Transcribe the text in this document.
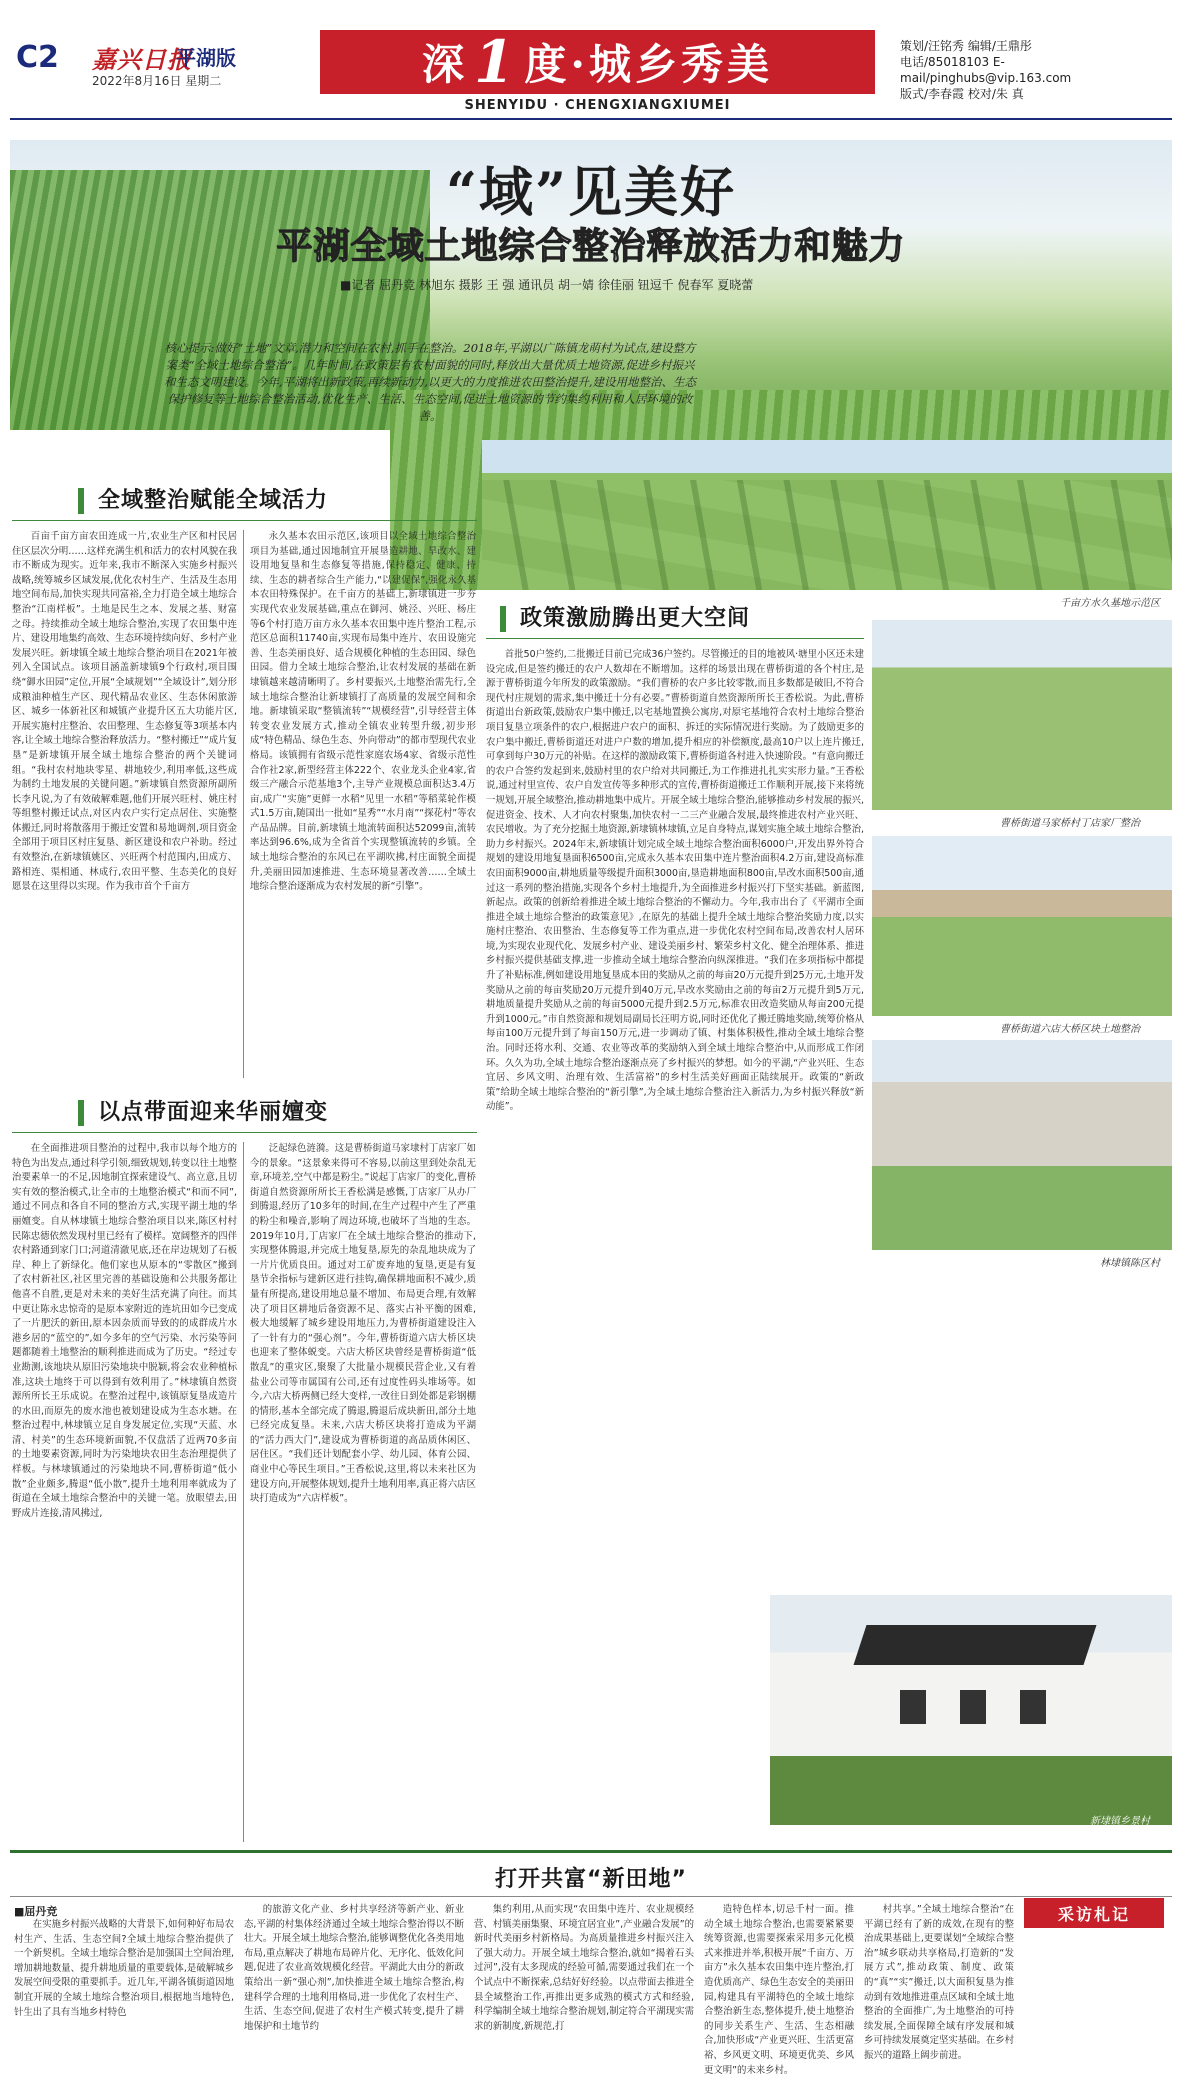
C2 嘉兴日报
平湖版
2022年8月16日 星期二	深 1 度·城乡秀美
SHENYIDU · CHENGXIANGXIUMEI
策划/汪铭秀 编辑/王鼎彤
电话/85018103 E-mail/pinghubs@vip.163.com
版式/李春霞 校对/朱 真
“域”见美好
平湖全域土地综合整治释放活力和魅力
■记者 屈丹竞 林旭东 摄影 王 强 通讯员 胡一婧 徐佳丽 钮逗千 倪春军 夏晓蕾
核心提示:做好“土地”文章,潜力和空间在农村,抓手在整治。2018年,平湖以广陈镇龙萌村为试点,建设整方案类“全域土地综合整治”。几年时间,在政策层有农村面貌的同时,释放出大量优质土地资源,促进乡村振兴和生态文明建设。今年,平湖将出新政策,再续新动力,以更大的力度推进农田整治提升,建设用地整治、生态保护修复等土地综合整治活动,优化生产、生活、生态空间,促进土地资源的节约集约利用和人居环境的改善。
千亩方水久基地示范区
曹桥街道马家桥村丁店家厂整治
曹桥街道六店大桥区块土地整治
林埭镇陈区村
新埭镇乡景村
全域整治赋能全域活力

百亩千亩方亩农田连成一片,农业生产区和村民居住区层次分明……这样充满生机和活力的农村风貌在我市不断成为现实。近年来,我市不断深入实施乡村振兴战略,统筹城乡区域发展,优化农村生产、生活及生态用地空间布局,加快实现共同富裕,全力打造全域土地综合整治“江南样板”。土地是民生之本、发展之基、财富之母。持续推动全域土地综合整治,实现了农田集中连片、建设用地集约高效、生态环境持续向好、乡村产业发展兴旺。新埭镇全域土地综合整治项目在2021年被列入全国试点。该项目涵盖新埭镇9个行政村,项目围绕“御水田园”定位,开展“全域规划”“全域设计”,划分形成粮油种植生产区、现代精品农业区、生态休闲旅游区、城乡一体新社区和城镇产业提升区五大功能片区,开展实施村庄整治、农田整理、生态修复等3项基本内容,让全域土地综合整治释放活力。“整村搬迁”“成片复垦”是新埭镇开展全域土地综合整治的两个关键词组。“我村农村地块零星、耕地较少,利用率低,这些成为制约土地发展的关键问题。”新埭镇自然资源所副所长李凡说,为了有效破解难题,他们开展兴旺村、姚庄村等组整村搬迁试点,对区内农户实行定点居住、实施整体搬迁,同时将散落用于搬迁安置和易地调剂,项目资金全部用于项目区村庄复垦、新区建设和农户补助。经过有效整治,在新埭镇姚区、兴旺两个村范围内,田成方、路相连、渠相通、林成行,农田平整、生态美化的良好愿景在这里得以实现。作为我市首个千亩方

永久基本农田示范区,该项目以全域土地综合整治项目为基础,通过因地制宜开展垦造耕地、旱改水、建设用地复垦和生态修复等措施,保持稳定、健康、持续、生态的耕者综合生产能力,“以建促保”,强化永久基本农田特殊保护。在千亩方的基础上,新埭镇进一步夯实现代农业发展基础,重点在御河、姚泾、兴旺、杨庄等6个村打造万亩方永久基本农田集中连片整治工程,示范区总面积11740亩,实现布局集中连片、农田设施完善、生态美丽良好、适合规模化种植的生态田园、绿色田园。借力全域土地综合整治,让农村发展的基础在新埭镇越来越清晰明了。乡村要振兴,土地整治需先行,全域土地综合整治让新埭镇打了高质量的发展空间和余地。新埭镇采取“整镇流转”“规模经营”,引导经营主体转变农业发展方式,推动全镇农业转型升级,初步形成“特色精品、绿色生态、外向带动”的都市型现代农业格局。该镇拥有省级示范性家庭农场4家、省级示范性合作社2家,新型经营主体222个、农业龙头企业4家,省级三产融合示范基地3个,主导产业规模总面积达3.4万亩,成广“实施”更鲜一水稻“见里一水稻”等稻菜轮作模式1.5万亩,随国出一批如“星秀”“水月南”“探花村”等农产品品牌。目前,新埭镇土地流转面积达52099亩,流转率达到96.6%,成为全省首个实现整镇流转的乡镇。全域土地综合整治的东风已在平湖吹拂,村庄面貌全面提升,美丽田园加速推进、生态环境显著改善……全域土地综合整治逐渐成为农村发展的新“引擎”。

政策激励腾出更大空间

首批50户签约,二批搬迁目前已完成36户签约。尽管搬迁的目的地被风·塘里小区还未建设完成,但是签约搬迁的农户人数却在不断增加。这样的场景出现在曹桥街道的各个村庄,是源于曹桥街道今年所发的政策激励。“我们曹桥的农户多比较零散,而且多数都是破旧,不符合现代村庄规划的需求,集中搬迁十分有必要。”曹桥街道自然资源所所长王香松说。为此,曹桥街道出台新政策,鼓励农户集中搬迁,以宅基地置换公寓房,对原宅基地符合农村土地综合整治项目复垦立项条件的农户,根据进户农户的面积、拆迁的实际情况进行奖励。为了鼓励更多的农户集中搬迁,曹桥街道还对进户户数的增加,提升相应的补偿额度,最高10户以上连片搬迁,可拿到每户30万元的补贴。在这样的激励政策下,曹桥街道各村进入快速阶段。“有意向搬迁的农户合签约发起到来,鼓励村里的农户给对共同搬迁,为工作推进扎扎实实形力量。”王香松说,通过村里宣传、农户自发宣传等多种形式的宣传,曹桥街道搬迁工作顺利开展,接下来将统一规划,开展全域整治,推动耕地集中成片。开展全域土地综合整治,能够推动乡村发展的振兴,促进资金、技术、人才向农村聚集,加快农村一二三产业融合发展,最终推进农村产业兴旺、农民增收。为了充分挖掘土地资源,新埭镇林埭镇,立足自身特点,谋划实施全域土地综合整治,助力乡村振兴。2024年末,新埭镇计划完成全域土地综合整治面积6000户,开发出界外符合规划的建设用地复垦面积6500亩,完成永久基本农田集中连片整治面积4.2万亩,建设高标准农田面积9000亩,耕地质量等级提升面积3000亩,垦造耕地面积800亩,旱改水面积500亩,通过这一系列的整治措施,实现各个乡村土地提升,为全面推进乡村振兴打下坚实基础。新蓝图,新起点。政策的创新给着推进全域土地综合整治的不懈动力。今年,我市出台了《平湖市全面推进全域土地综合整治的政策意见》,在原先的基础上提升全域土地综合整治奖励力度,以实施村庄整治、农田整治、生态修复等工作为重点,进一步优化农村空间布局,改善农村人居环境,为实现农业现代化、发展乡村产业、建设美丽乡村、繁荣乡村文化、健全治理体系、推进乡村振兴提供基础支撑,进一步推动全域土地综合整治向纵深推进。“我们在多项指标中都提升了补贴标准,例如建设用地复垦成本田的奖励从之前的每亩20万元提升到25万元,土地开发奖励从之前的每亩奖励20万元提升到40万元,旱改水奖励由之前的每亩2万元提升到5万元,耕地质量提升奖励从之前的每亩5000元提升到2.5万元,标准农田改造奖励从每亩200元提升到1000元。”市自然资源和规划局副局长汪明方说,同时还优化了搬迁腾地奖励,统筹价格从每亩100万元提升到了每亩150万元,进一步调动了镇、村集体积极性,推动全域土地综合整治。同时还将水利、交通、农业等改革的奖励纳入到全域土地综合整治中,从而形成工作闭环。久久为功,全域土地综合整治逐渐点亮了乡村振兴的梦想。如今的平湖,“产业兴旺、生态宜居、乡风文明、治理有效、生活富裕”的乡村生活美好画面正陆续展开。政策的“新政策”给助全域土地综合整治的“新引擎”,为全域土地综合整治注入新活力,为乡村振兴释放“新动能”。

以点带面迎来华丽嬗变

在全面推进项目整治的过程中,我市以每个地方的特色为出发点,通过科学引领,细致规划,转变以往土地整治要素单一的不足,因地制宜探索建设气、高立意,且切实有效的整治模式,让全市的土地整治模式“和而不同”,通过不同点和各自不同的整治方式,实现平湖土地的华丽嬗变。自从林埭镇土地综合整治项目以来,陈区村村民陈忠德依然发现村里已经有了模样。宽阔整齐的四伴农村路通到家门口;河道清澈见底,还在岸边规划了石板岸、种上了新绿化。他们家也从原本的“零散区”搬到了农村新社区,社区里完善的基础设施和公共服务都让他喜不自胜,更是对未来的美好生活充满了向往。而其中更让陈永忠惊奇的是原本家附近的连坑田如今已变成了一片肥沃的新田,原本因杂质而导致的的成群成片水港乡居的“蓝空的”,如今多年的空气污染、水污染等问题都随着土地整治的顺利推进而成为了历史。“经过专业勘测,该地块从原旧污染地块中脱颖,将会农业种植标准,这块土地终于可以得到有效利用了。”林埭镇自然资源所所长王乐成说。在整治过程中,该镇原复垦成造片的水田,而原先的废水池也被划建设成为生态水塘。在整治过程中,林埭镇立足自身发展定位,实现“天蓝、水清、村美”的生态环境新面貌,不仅盘活了近两70多亩的土地要素资源,同时为污染地块农田生态治理提供了样板。与林埭镇通过的污染地块不同,曹桥街道“低小散”企业颇多,腾退“低小散”,提升土地利用率就成为了街道在全域土地综合整治中的关键一笔。放眼望去,田野成片连接,清风拂过,

泛起绿色涟漪。这是曹桥街道马家埭村丁店家厂如今的景象。“这景象来得可不容易,以前这里到处杂乱无章,环境差,空气中都是粉尘。”说起丁店家厂的变化,曹桥街道自然资源所所长王香松满是感慨,丁店家厂从办厂到腾退,经历了10多年的时间,在生产过程中产生了严重的粉尘和噪音,影响了周边环境,也破坏了当地的生态。2019年10月,丁店家厂在全域土地综合整治的推动下,实现整体腾退,并完成土地复垦,原先的杂乱地块成为了一片片优质良田。通过对工矿废弃地的复垦,更是有复垦节余指标与建新区进行挂钩,确保耕地面积不减少,质量有所提高,建设用地总量不增加、布局更合理,有效解决了项目区耕地后备资源不足、落实占补平衡的困难,极大地缓解了城乡建设用地压力,为曹桥街道建设注入了一针有力的“强心剂”。今年,曹桥街道六店大桥区块也迎来了整体蜕变。六店大桥区块曾经是曹桥街道“低散乱”的重灾区,聚聚了大批量小规模民营企业,又有着盐业公司等市属国有公司,还有过度性码头堆场等。如今,六店大桥两侧已经大变样,一改往日到处都是彩钢棚的情形,基本全部完成了腾退,腾退后成块新田,部分土地已经完成复垦。未来,六店大桥区块将打造成为平湖的“活力西大门”,建设成为曹桥街道的高品质休闲区、居住区。“我们还计划配套小学、幼儿园、体育公园、商业中心等民生项目。”王香松说,这里,将以未来社区为建设方向,开展整体规划,提升土地利用率,真正将六店区块打造成为“六店样板”。

打开共富“新田地”
■屈丹竞	采访札记

在实施乡村振兴战略的大背景下,如何种好布局农村生产、生活、生态空间?全域土地综合整治提供了一个新契机。全域土地综合整治是加强国土空间治理,增加耕地数量、提升耕地质量的重要载体,是破解城乡发展空间受限的重要抓手。近几年,平湖各镇街道因地制宜开展的全域土地综合整治项目,根据地当地特色,针生出了具有当地乡村特色

的旅游文化产业、乡村共享经济等新产业、新业态,平湖的村集体经济通过全域土地综合整治得以不断壮大。开展全域土地综合整治,能够调整优化各类用地布局,重点解决了耕地布局碎片化、无序化、低效化问题,促进了农业高效规模化经营。平湖此大由分的新政策给出一新“强心剂”,加快推进全域土地综合整治,构建科学合理的土地利用格局,进一步优化了农村生产、生活、生态空间,促进了农村生产模式转变,提升了耕地保护和土地节约

集约利用,从而实现“农田集中连片、农业规模经营、村镇美丽集聚、环境宜居宜业”,产业融合发展”的新时代美丽乡村新格局。为高质量推进乡村振兴注入了强大动力。开展全域土地综合整治,就如“揭着石头过河”,没有太多现成的经验可循,需要通过我们在一个个试点中不断探索,总结好好经验。以点带面去推进全县全域整治工作,再推出更多成熟的模式方式和经验,科学编制全域土地综合整治规划,制定符合平湖现实需求的新制度,新规范,打

造特色样本,切忌千村一面。推动全域土地综合整治,也需要紧紧要统筹资源,也需要探索采用多元化模式来推进并举,积极开展“千亩方、万亩方”永久基本农田集中连片整治,打造优质高产、绿色生态安全的美丽田园,构建具有平湖特色的全域土地综合整治新生态,整体提升,使土地整治的同步关系生产、生活、生态相融合,加快形成“产业更兴旺、生活更富裕、乡风更文明、环境更优美、乡风更文明”的未来乡村。

村共享。”全域土地综合整治“在平湖已经有了新的成效,在现有的整治成果基础上,更要谋划“全域综合整治”城乡联动共享格局,打造新的“发展方式”,推动政策、制度、政策的“真”“实”搬迁,以大面积复垦为推动到有效地推进重点区域和全域土地整治的全面推广,为土地整治的可持续发展,全面保障全域有序发展和城乡可持续发展奠定坚实基础。在乡村振兴的道路上阔步前进。
